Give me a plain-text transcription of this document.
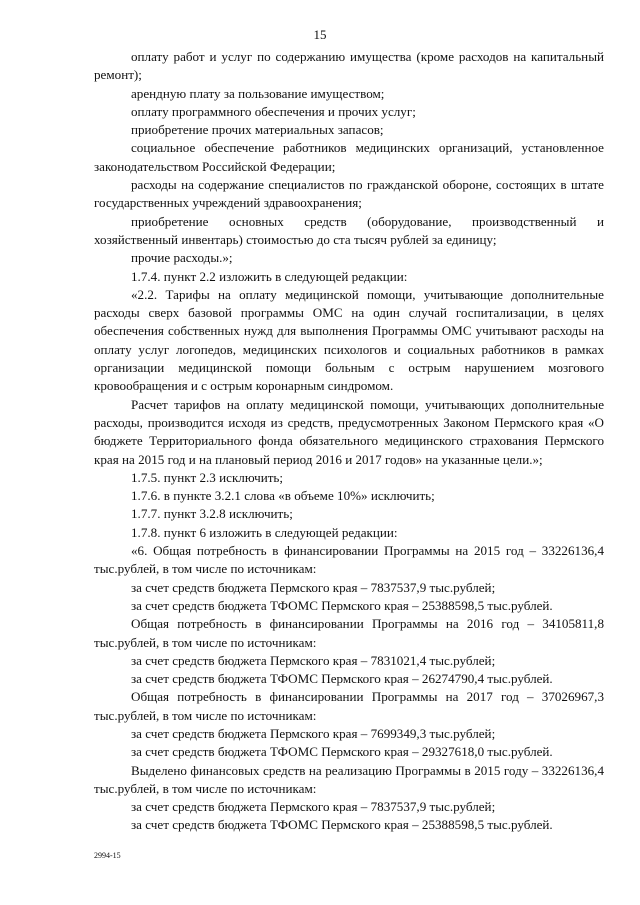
15

оплату работ и услуг по содержанию имущества (кроме расходов на капитальный ремонт);

арендную плату за пользование имуществом;

оплату программного обеспечения и прочих услуг;

приобретение прочих материальных запасов;

социальное обеспечение работников медицинских организаций, установленное законодательством Российской Федерации;

расходы на содержание специалистов по гражданской обороне, состоящих в штате государственных учреждений здравоохранения;

приобретение основных средств (оборудование, производственный и хозяйственный инвентарь) стоимостью до ста тысяч рублей за единицу;

прочие расходы.»;

1.7.4. пункт 2.2 изложить в следующей редакции:

«2.2. Тарифы на оплату медицинской помощи, учитывающие дополнительные расходы сверх базовой программы ОМС на один случай госпитализации, в целях обеспечения собственных нужд для выполнения Программы ОМС учитывают расходы на оплату услуг логопедов, медицинских психологов и социальных работников в рамках организации медицинской помощи больным с острым нарушением мозгового кровообращения и с острым коронарным синдромом.

Расчет тарифов на оплату медицинской помощи, учитывающих дополнительные расходы, производится исходя из средств, предусмотренных Законом Пермского края «О бюджете Территориального фонда обязательного медицинского страхования Пермского края на 2015 год и на плановый период 2016 и 2017 годов» на указанные цели.»;

1.7.5. пункт 2.3 исключить;

1.7.6. в пункте 3.2.1 слова «в объеме 10%» исключить;

1.7.7. пункт 3.2.8 исключить;

1.7.8. пункт 6 изложить в следующей редакции:

«6. Общая потребность в финансировании Программы на 2015 год – 33226136,4 тыс.рублей, в том числе по источникам:

за счет средств бюджета Пермского края – 7837537,9 тыс.рублей;

за счет средств бюджета ТФОМС Пермского края – 25388598,5 тыс.рублей.

Общая потребность в финансировании Программы на 2016 год – 34105811,8 тыс.рублей, в том числе по источникам:

за счет средств бюджета Пермского края – 7831021,4 тыс.рублей;

за счет средств бюджета ТФОМС Пермского края – 26274790,4 тыс.рублей.

Общая потребность в финансировании Программы на 2017 год – 37026967,3 тыс.рублей, в том числе по источникам:

за счет средств бюджета Пермского края – 7699349,3 тыс.рублей;

за счет средств бюджета ТФОМС Пермского края – 29327618,0 тыс.рублей.

Выделено финансовых средств на реализацию Программы в 2015 году – 33226136,4 тыс.рублей, в том числе по источникам:

за счет средств бюджета Пермского края – 7837537,9 тыс.рублей;

за счет средств бюджета ТФОМС Пермского края – 25388598,5 тыс.рублей.

2994-15
